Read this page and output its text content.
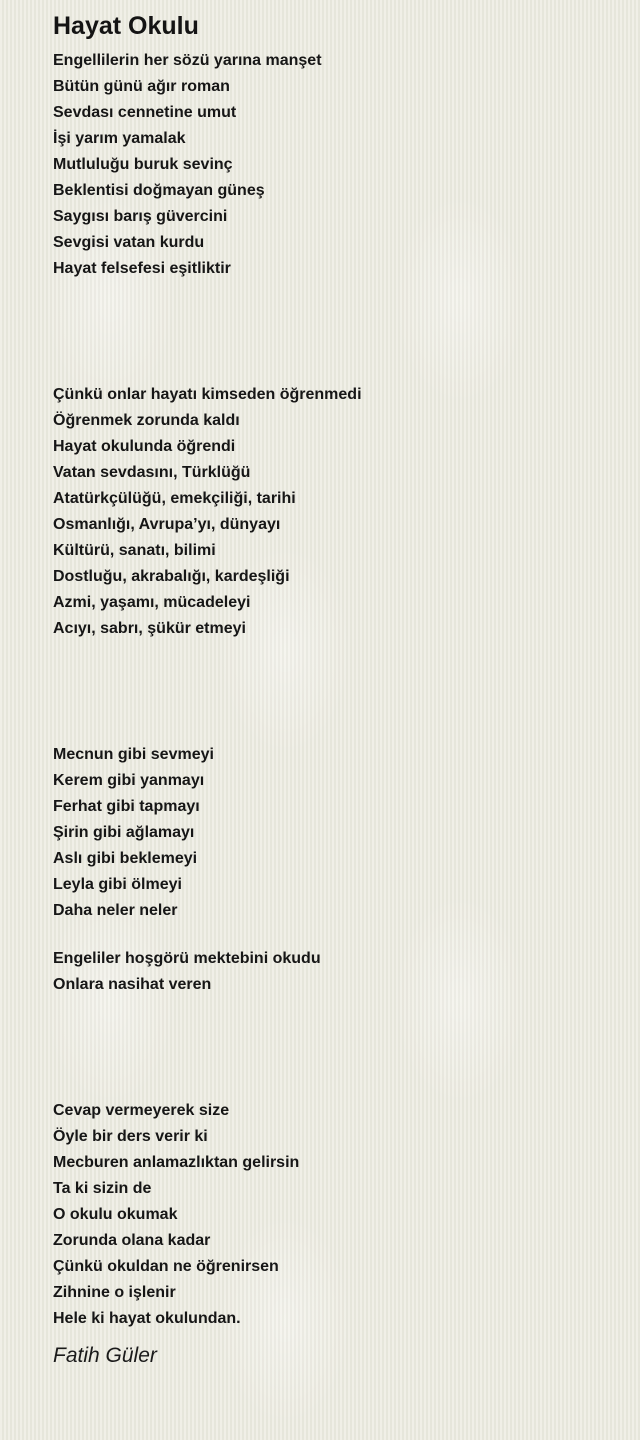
Hayat Okulu
Engellilerin her sözü yarına manşet
Bütün günü ağır roman
Sevdası cennetine umut
İşi yarım yamalak
Mutluluğu buruk sevinç
Beklentisi doğmayan güneş
Saygısı barış güvercini
Sevgisi vatan kurdu
Hayat felsefesi eşitliktir
Çünkü onlar hayatı kimseden öğrenmedi
Öğrenmek zorunda kaldı
Hayat okulunda öğrendi
Vatan sevdasını, Türklüğü
Atatürkçülüğü, emekçiliği, tarihi
Osmanlığı, Avrupa’yı, dünyayı
Kültürü, sanatı, bilimi
Dostluğu, akrabalığı, kardeşliği
Azmi, yaşamı, mücadeleyi
Acıyı, sabrı, şükür etmeyi
Mecnun gibi sevmeyi
Kerem gibi yanmayı
Ferhat gibi tapmayı
Şirin gibi ağlamayı
Aslı gibi beklemeyi
Leyla gibi ölmeyi
Daha neler neler
Engeliler hoşgörü mektebini okudu
Onlara nasihat veren
Cevap vermeyerek size
Öyle bir ders verir ki
Mecburen anlamazlıktan gelirsin
Ta ki sizin de
O okulu okumak
Zorunda olana kadar
Çünkü okuldan ne öğrenirsen
Zihnine o işlenir
Hele ki hayat okulundan.
Fatih Güler
